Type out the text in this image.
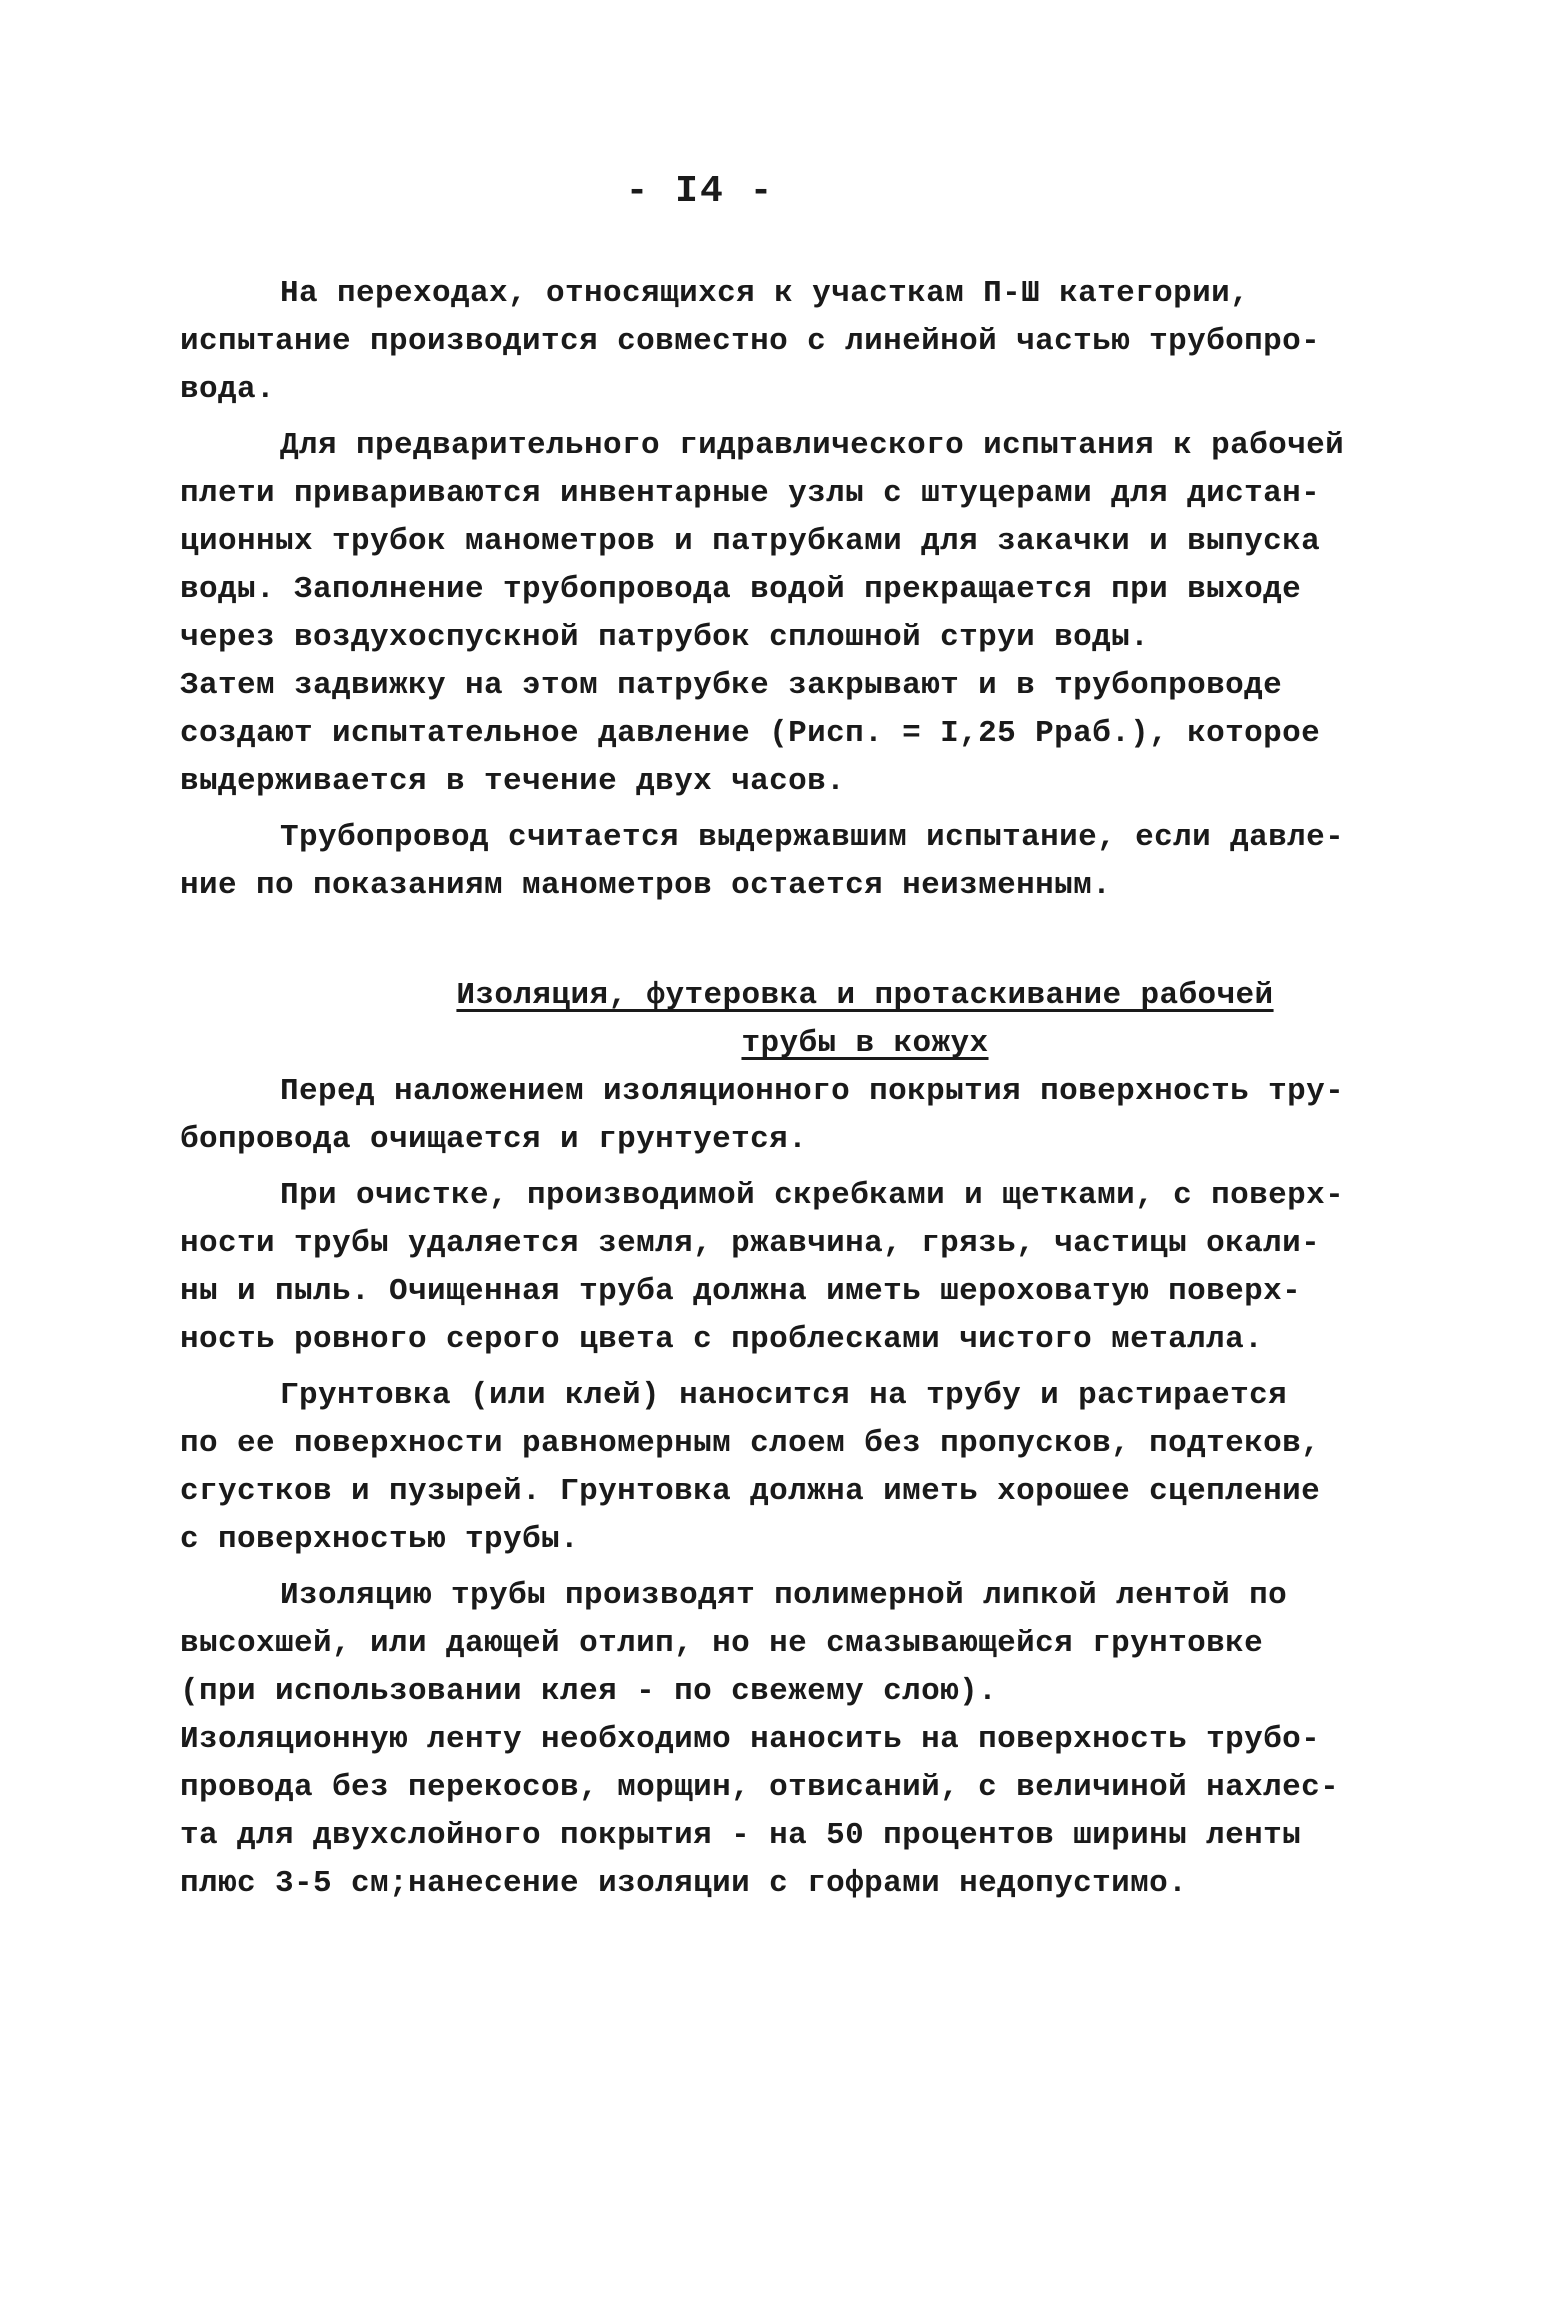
- I4 -
На переходах, относящихся к участкам П-Ш категории,
испытание производится совместно с линейной частью трубопро-
вода.
Для предварительного гидравлического испытания к рабочей
плети привариваются инвентарные узлы с штуцерами для дистан-
ционных трубок манометров и патрубками для закачки и выпуска
воды. Заполнение трубопровода водой прекращается при выходе
через воздухоспускной патрубок сплошной струи воды.
Затем задвижку на этом патрубке закрывают и в трубопроводе
создают испытательное давление (Рисп. = I,25 Рраб.), которое
выдерживается в течение двух часов.
Трубопровод считается выдержавшим испытание, если давле-
ние по показаниям манометров остается неизменным.
Изоляция, футеровка и протаскивание рабочей
трубы в кожух
Перед наложением изоляционного покрытия поверхность тру-
бопровода очищается и грунтуется.
При очистке, производимой скребками и щетками, с поверх-
ности трубы удаляется земля, ржавчина, грязь, частицы окали-
ны и пыль. Очищенная труба должна иметь шероховатую поверх-
ность ровного серого цвета с проблесками чистого металла.
Грунтовка (или клей) наносится на трубу и растирается
по ее поверхности равномерным слоем без пропусков, подтеков,
сгустков и пузырей. Грунтовка должна иметь хорошее сцепление
с поверхностью трубы.
Изоляцию трубы производят полимерной липкой лентой по
высохшей, или дающей отлип, но не смазывающейся грунтовке
(при использовании клея - по свежему слою).
Изоляционную ленту необходимо наносить на поверхность трубо-
провода без перекосов, морщин, отвисаний, с величиной нахлес-
та для двухслойного покрытия - на 50 процентов ширины ленты
плюс 3-5 см;нанесение изоляции с гофрами недопустимо.
